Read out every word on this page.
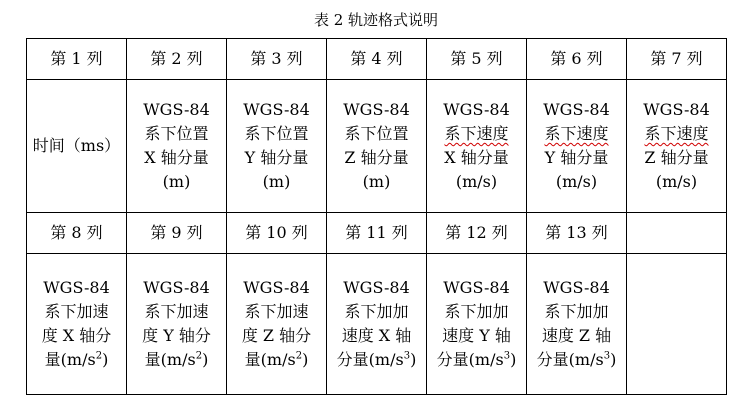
表 2 轨迹格式说明
第 1 列	第 2 列	第 3 列	第 4 列	第 5 列	第 6 列	第 7 列

时间（ms）	WGS-84
系下位置
X 轴分量
(m)	WGS-84
系下位置
Y 轴分量
(m)	WGS-84
系下位置
Z 轴分量
(m)	WGS-84
系下速度
X 轴分量
(m/s)	WGS-84
系下速度
Y 轴分量
(m/s)	WGS-84
系下速度
Z 轴分量
(m/s)

第 8 列	第 9 列	第 10 列	第 11 列	第 12 列	第 13 列	

WGS-84
系下加速
度 X 轴分
量$(m/s^2)$	WGS-84
系下加速
度 Y 轴分
量$(m/s^2)$	WGS-84
系下加速
度 Z 轴分
量$(m/s^2)$	WGS-84
系下加加
速度 X 轴
分量$(m/s^3)$	WGS-84
系下加加
速度 Y 轴
分量$(m/s^3)$	WGS-84
系下加加
速度 Z 轴
分量$(m/s^3)$	
